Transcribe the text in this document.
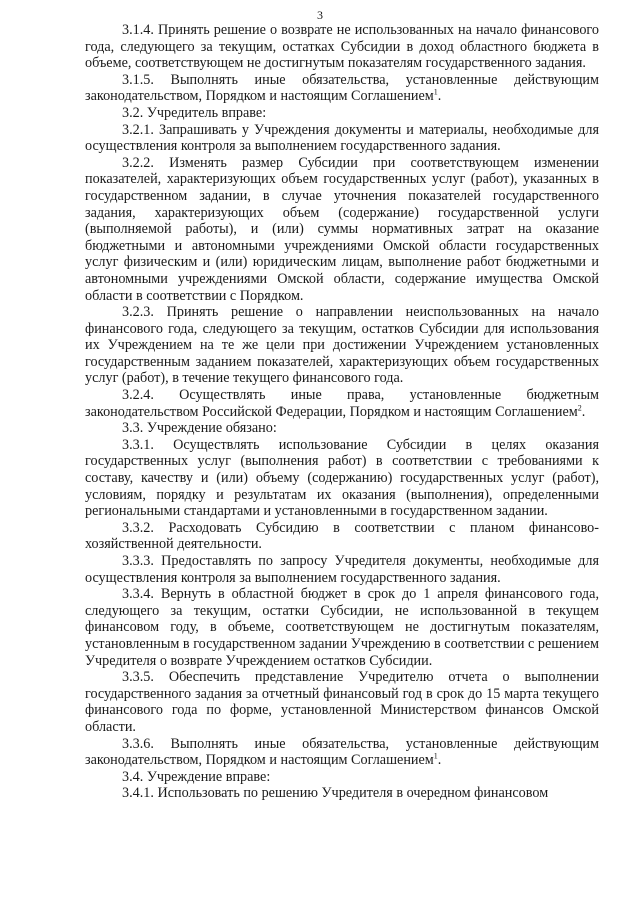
3

3.1.4. Принять решение о возврате не использованных на начало финансового года, следующего за текущим, остатках Субсидии в доход областного бюджета в объеме, соответствующем не достигнутым показателям государственного задания.

3.1.5. Выполнять иные обязательства, установленные действующим законодательством, Порядком и настоящим Соглашением$^1$.

3.2. Учредитель вправе:

3.2.1. Запрашивать у Учреждения документы и материалы, необходимые для осуществления контроля за выполнением государственного задания.

3.2.2. Изменять размер Субсидии при соответствующем изменении показателей, характеризующих объем государственных услуг (работ), указанных в государственном задании, в случае уточнения показателей государственного задания, характеризующих объем (содержание) государственной услуги (выполняемой работы), и (или) суммы нормативных затрат на оказание бюджетными и автономными учреждениями Омской области государственных услуг физическим и (или) юридическим лицам, выполнение работ бюджетными и автономными учреждениями Омской области, содержание имущества Омской области в соответствии с Порядком.

3.2.3. Принять решение о направлении неиспользованных на начало финансового года, следующего за текущим, остатков Субсидии для использования их Учреждением на те же цели при достижении Учреждением установленных государственным заданием показателей, характеризующих объем государственных услуг (работ), в течение текущего финансового года.

3.2.4. Осуществлять иные права, установленные бюджетным законодательством Российской Федерации, Порядком и настоящим Соглашением$^2$.

3.3. Учреждение обязано:

3.3.1. Осуществлять использование Субсидии в целях оказания государственных услуг (выполнения работ) в соответствии с требованиями к составу, качеству и (или) объему (содержанию) государственных услуг (работ), условиям, порядку и результатам их оказания (выполнения), определенными региональными стандартами и установленными в государственном задании.

3.3.2. Расходовать Субсидию в соответствии с планом финансово-хозяйственной деятельности.

3.3.3. Предоставлять по запросу Учредителя документы, необходимые для осуществления контроля за выполнением государственного задания.

3.3.4. Вернуть в областной бюджет в срок до 1 апреля финансового года, следующего за текущим, остатки Субсидии, не использованной в текущем финансовом году, в объеме, соответствующем не достигнутым показателям, установленным в государственном задании Учреждению в соответствии с решением Учредителя о возврате Учреждением остатков Субсидии.

3.3.5. Обеспечить представление Учредителю отчета о выполнении государственного задания за отчетный финансовый год в срок до 15 марта текущего финансового года по форме, установленной Министерством финансов Омской области.

3.3.6. Выполнять иные обязательства, установленные действующим законодательством, Порядком и настоящим Соглашением$^1$.

3.4. Учреждение вправе:

3.4.1. Использовать по решению Учредителя в очередном финансовом
